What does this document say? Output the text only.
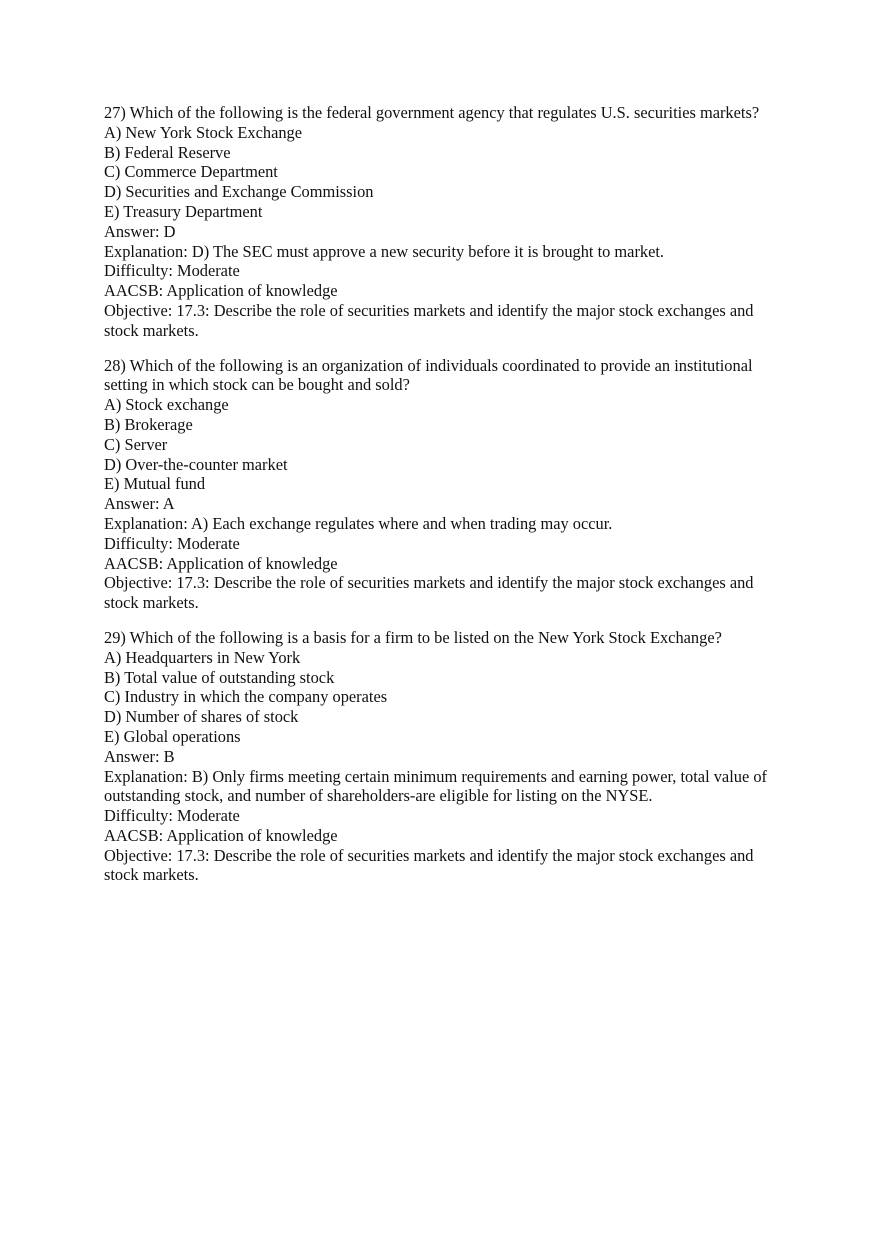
27) Which of the following is the federal government agency that regulates U.S. securities markets?
A) New York Stock Exchange
B) Federal Reserve
C) Commerce Department
D) Securities and Exchange Commission
E) Treasury Department
Answer: D
Explanation: D) The SEC must approve a new security before it is brought to market.
Difficulty: Moderate
AACSB: Application of knowledge
Objective: 17.3: Describe the role of securities markets and identify the major stock exchanges and stock markets.
28) Which of the following is an organization of individuals coordinated to provide an institutional setting in which stock can be bought and sold?
A) Stock exchange
B) Brokerage
C) Server
D) Over-the-counter market
E) Mutual fund
Answer: A
Explanation: A) Each exchange regulates where and when trading may occur.
Difficulty: Moderate
AACSB: Application of knowledge
Objective: 17.3: Describe the role of securities markets and identify the major stock exchanges and stock markets.
29) Which of the following is a basis for a firm to be listed on the New York Stock Exchange?
A) Headquarters in New York
B) Total value of outstanding stock
C) Industry in which the company operates
D) Number of shares of stock
E) Global operations
Answer: B
Explanation: B) Only firms meeting certain minimum requirements and earning power, total value of outstanding stock, and number of shareholders-are eligible for listing on the NYSE.
Difficulty: Moderate
AACSB: Application of knowledge
Objective: 17.3: Describe the role of securities markets and identify the major stock exchanges and stock markets.
